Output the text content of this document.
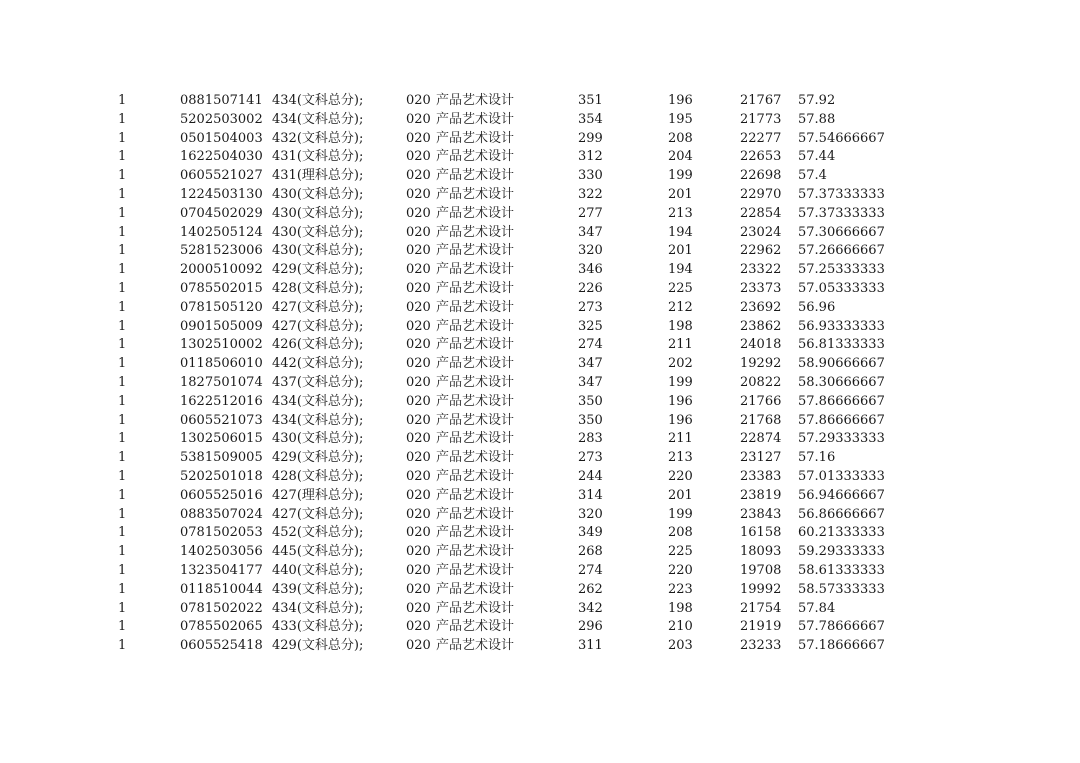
1	0881507141 434(文科总分);	020 产品艺术设计	351	196	21767 57.92
1	5202503002 434(文科总分);	020 产品艺术设计	354	195	21773 57.88
1	0501504003 432(文科总分);	020 产品艺术设计	299	208	22277 57.54666667
1	1622504030 431(文科总分);	020 产品艺术设计	312	204	22653 57.44
1	0605521027 431(理科总分);	020 产品艺术设计	330	199	22698 57.4
1	1224503130 430(文科总分);	020 产品艺术设计	322	201	22970 57.37333333
1	0704502029 430(文科总分);	020 产品艺术设计	277	213	22854 57.37333333
1	1402505124 430(文科总分);	020 产品艺术设计	347	194	23024 57.30666667
1	5281523006 430(文科总分);	020 产品艺术设计	320	201	22962 57.26666667
1	2000510092 429(文科总分);	020 产品艺术设计	346	194	23322 57.25333333
1	0785502015 428(文科总分);	020 产品艺术设计	226	225	23373 57.05333333
1	0781505120 427(文科总分);	020 产品艺术设计	273	212	23692 56.96
1	0901505009 427(文科总分);	020 产品艺术设计	325	198	23862 56.93333333
1	1302510002 426(文科总分);	020 产品艺术设计	274	211	24018 56.81333333
1	0118506010 442(文科总分);	020 产品艺术设计	347	202	19292 58.90666667
1	1827501074 437(文科总分);	020 产品艺术设计	347	199	20822 58.30666667
1	1622512016 434(文科总分);	020 产品艺术设计	350	196	21766 57.86666667
1	0605521073 434(文科总分);	020 产品艺术设计	350	196	21768 57.86666667
1	1302506015 430(文科总分);	020 产品艺术设计	283	211	22874 57.29333333
1	5381509005 429(文科总分);	020 产品艺术设计	273	213	23127 57.16
1	5202501018 428(文科总分);	020 产品艺术设计	244	220	23383 57.01333333
1	0605525016 427(理科总分);	020 产品艺术设计	314	201	23819 56.94666667
1	0883507024 427(文科总分);	020 产品艺术设计	320	199	23843 56.86666667
1	0781502053 452(文科总分);	020 产品艺术设计	349	208	16158 60.21333333
1	1402503056 445(文科总分);	020 产品艺术设计	268	225	18093 59.29333333
1	1323504177 440(文科总分);	020 产品艺术设计	274	220	19708 58.61333333
1	0118510044 439(文科总分);	020 产品艺术设计	262	223	19992 58.57333333
1	0781502022 434(文科总分);	020 产品艺术设计	342	198	21754 57.84
1	0785502065 433(文科总分);	020 产品艺术设计	296	210	21919 57.78666667
1	0605525418 429(文科总分);	020 产品艺术设计	311	203	23233 57.18666667
